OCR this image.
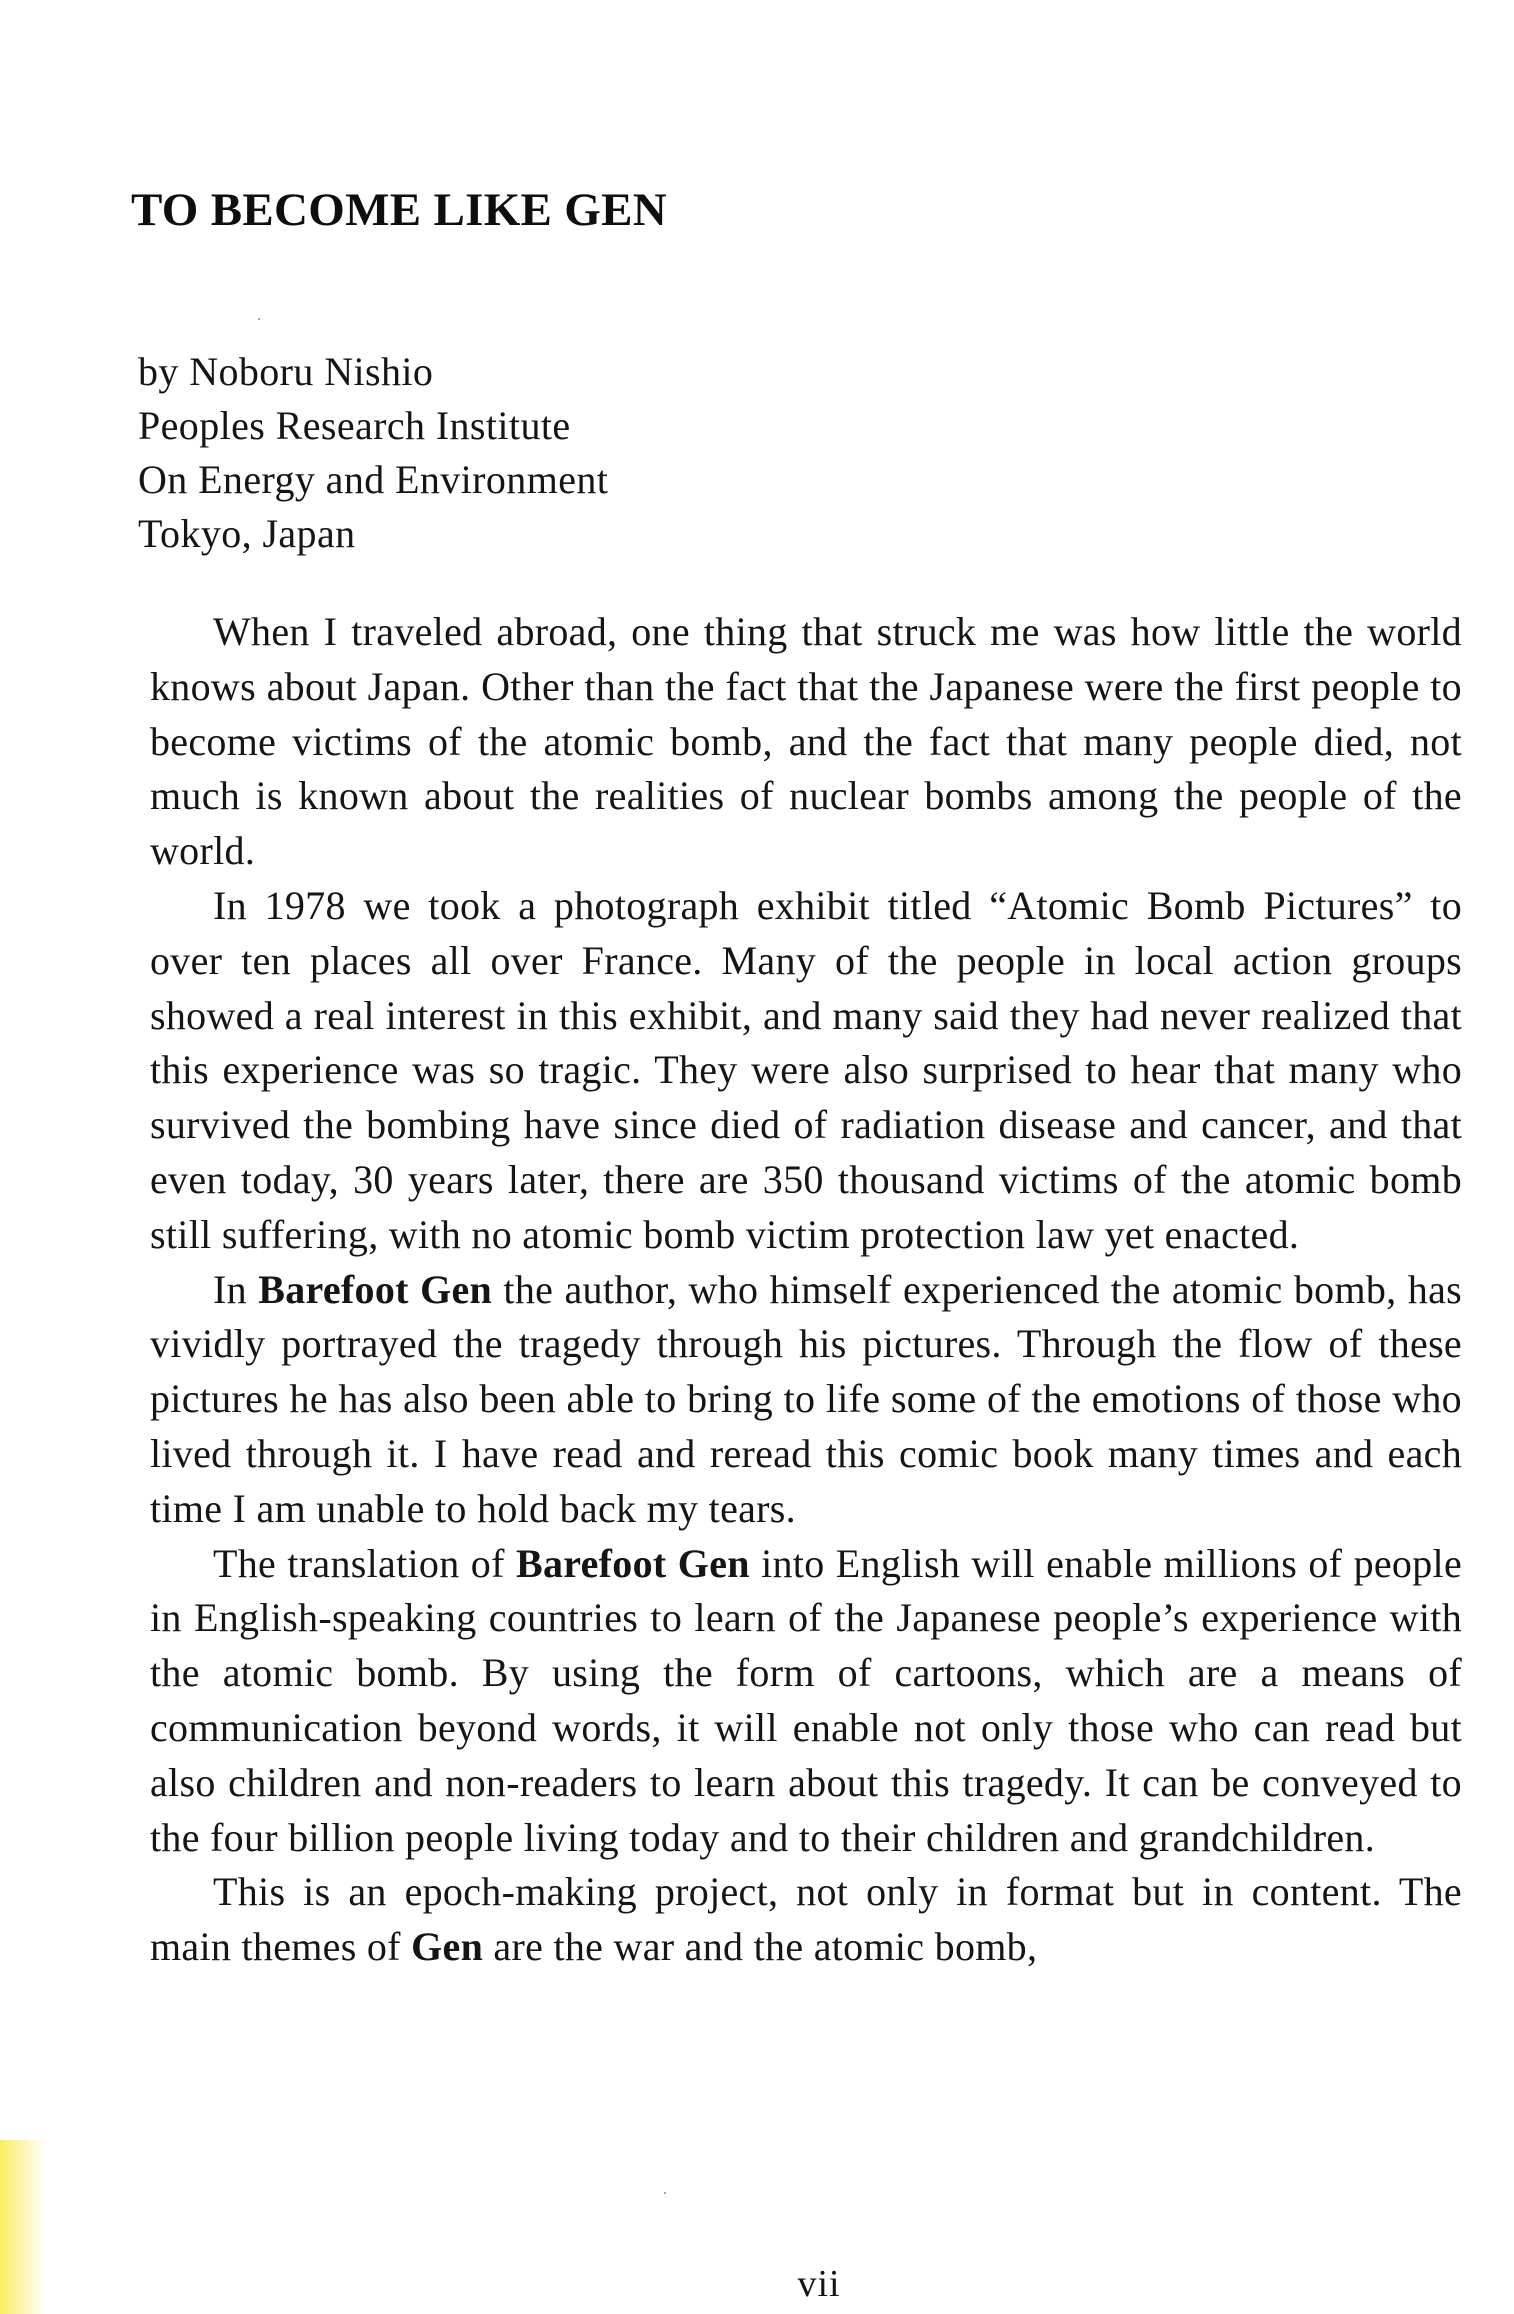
TO BECOME LIKE GEN
by Noboru Nishio
Peoples Research Institute
On Energy and Environment
Tokyo, Japan

When I traveled abroad, one thing that struck me was how little the world knows about Japan. Other than the fact that the Japanese were the first people to become victims of the atomic bomb, and the fact that many people died, not much is known about the realities of nuclear bombs among the people of the world.

In 1978 we took a photograph exhibit titled “Atomic Bomb Pictures” to over ten places all over France. Many of the people in local action groups showed a real interest in this exhibit, and many said they had never realized that this experience was so tragic. They were also surprised to hear that many who survived the bombing have since died of radiation disease and cancer, and that even today, 30 years later, there are 350 thousand victims of the atomic bomb still suffering, with no atomic bomb victim protection law yet enacted.

In Barefoot Gen the author, who himself experienced the atomic bomb, has vividly portrayed the tragedy through his pictures. Through the flow of these pictures he has also been able to bring to life some of the emotions of those who lived through it. I have read and reread this comic book many times and each time I am unable to hold back my tears.

The translation of Barefoot Gen into English will enable millions of people in English-speaking countries to learn of the Japanese people’s experience with the atomic bomb. By using the form of cartoons, which are a means of communication beyond words, it will enable not only those who can read but also children and non-readers to learn about this tragedy. It can be conveyed to the four billion people living today and to their children and grandchildren.

This is an epoch-making project, not only in format but in content. The main themes of Gen are the war and the atomic bomb,

vii
